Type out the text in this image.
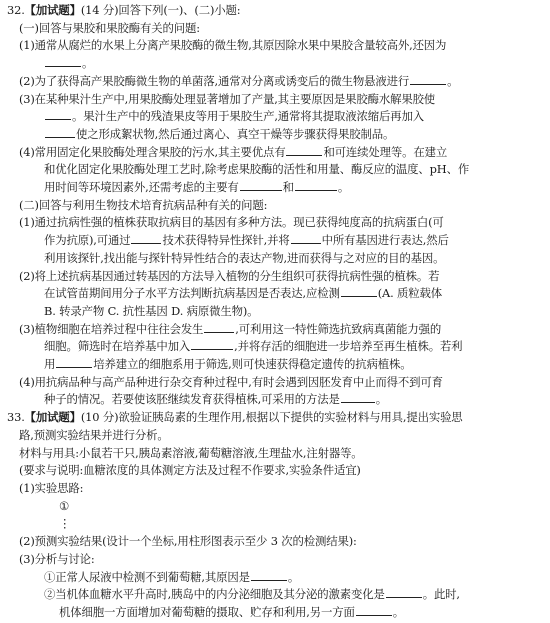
32.【加试题】(14 分)回答下列(一)、(二)小题:
(一)回答与果胶和果胶酶有关的问题:
(1)通常从腐烂的水果上分离产果胶酶的微生物,其原因除水果中果胶含量较高外,还因为
。
(2)为了获得高产果胶酶微生物的单菌落,通常对分离或诱变后的微生物悬液进行	。
(3)在某种果汁生产中,用果胶酶处理显著增加了产量,其主要原因是果胶酶水解果胶使
。果汁生产中的残渣果皮等用于果胶生产,通常将其提取液浓缩后再加入
使之形成絮状物,然后通过离心、真空干燥等步骤获得果胶制品。
(4)常用固定化果胶酶处理含果胶的污水,其主要优点有	和可连续处理等。在建立
和优化固定化果胶酶处理工艺时,除考虑果胶酶的活性和用量、酶反应的温度、pH、作
用时间等环境因素外,还需考虑的主要有	和	。
(二)回答与利用生物技术培育抗病品种有关的问题:
(1)通过抗病性强的植株获取抗病目的基因有多种方法。现已获得纯度高的抗病蛋白(可
作为抗原),可通过	技术获得特异性探针,并将	中所有基因进行表达,然后
利用该探针,找出能与探针特异性结合的表达产物,进而获得与之对应的目的基因。
(2)将上述抗病基因通过转基因的方法导入植物的分生组织可获得抗病性强的植株。若
在试管苗期间用分子水平方法判断抗病基因是否表达,应检测	(A. 质粒载体
B. 转录产物 C. 抗性基因 D. 病原微生物)。
(3)植物细胞在培养过程中往往会发生	,可利用这一特性筛选抗致病真菌能力强的
细胞。筛选时在培养基中加入	,并将存活的细胞进一步培养至再生植株。若利
用	培养建立的细胞系用于筛选,则可快速获得稳定遗传的抗病植株。
(4)用抗病品种与高产品种进行杂交育种过程中,有时会遇到因胚发育中止而得不到可育
种子的情况。若要使该胚继续发育获得植株,可采用的方法是	。
33.【加试题】(10 分)欲验证胰岛素的生理作用,根据以下提供的实验材料与用具,提出实验思
路,预测实验结果并进行分析。
材料与用具:小鼠若干只,胰岛素溶液,葡萄糖溶液,生理盐水,注射器等。
(要求与说明:血糖浓度的具体测定方法及过程不作要求,实验条件适宜)
(1)实验思路:
①
⋮
(2)预测实验结果(设计一个坐标,用柱形图表示至少 3 次的检测结果):
(3)分析与讨论:
①正常人尿液中检测不到葡萄糖,其原因是	。
②当机体血糖水平升高时,胰岛中的内分泌细胞及其分泌的激素变化是	。此时,
机体细胞一方面增加对葡萄糖的摄取、贮存和利用,另一方面	。
